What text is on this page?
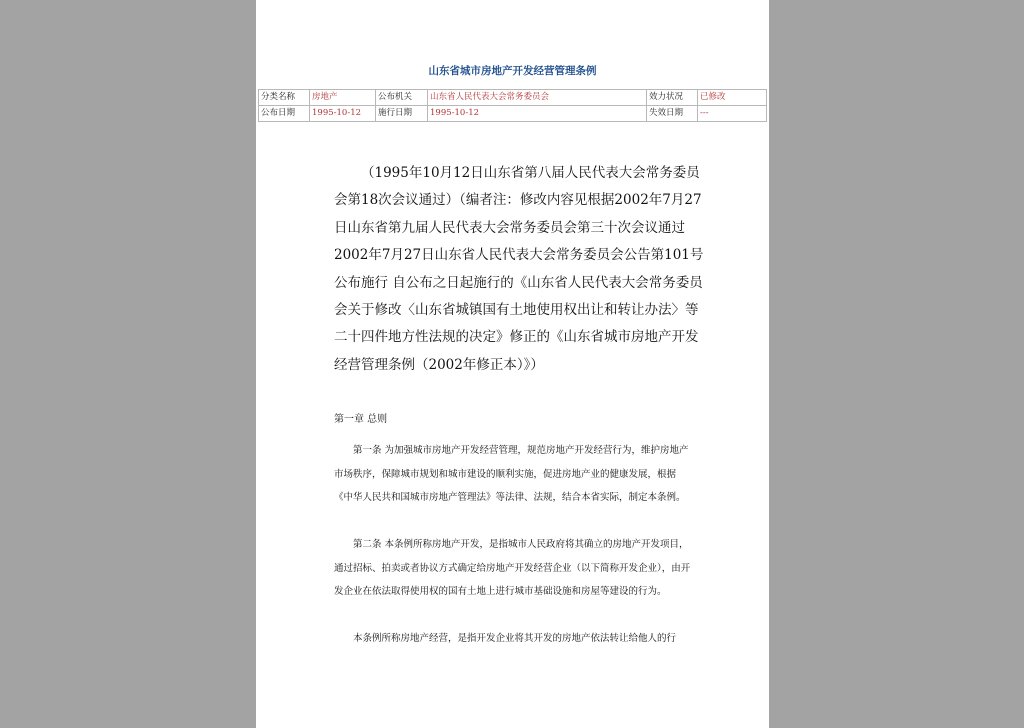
山东省城市房地产开发经营管理条例
分类名称	房地产	公布机关	山东省人民代表大会常务委员会	效力状况	已修改
公布日期	1995-10-12	施行日期	1995-10-12	失效日期	---

（1995年10月12日山东省第八届人民代表大会常务委员会第18次会议通过）（编者注：修改内容见根据2002年7月27日山东省第九届人民代表大会常务委员会第三十次会议通过2002年7月27日山东省人民代表大会常务委员会公告第101号公布施行 自公布之日起施行的《山东省人民代表大会常务委员会关于修改〈山东省城镇国有土地使用权出让和转让办法〉等二十四件地方性法规的决定》修正的《山东省城市房地产开发经营管理条例（2002年修正本）》）

第一章 总则

第一条 为加强城市房地产开发经营管理，规范房地产开发经营行为，维护房地产市场秩序，保障城市规划和城市建设的顺利实施，促进房地产业的健康发展，根据《中华人民共和国城市房地产管理法》等法律、法规，结合本省实际，制定本条例。

第二条 本条例所称房地产开发，是指城市人民政府将其确立的房地产开发项目，通过招标、拍卖或者协议方式确定给房地产开发经营企业（以下简称开发企业），由开发企业在依法取得使用权的国有土地上进行城市基础设施和房屋等建设的行为。

本条例所称房地产经营，是指开发企业将其开发的房地产依法转让给他人的行
